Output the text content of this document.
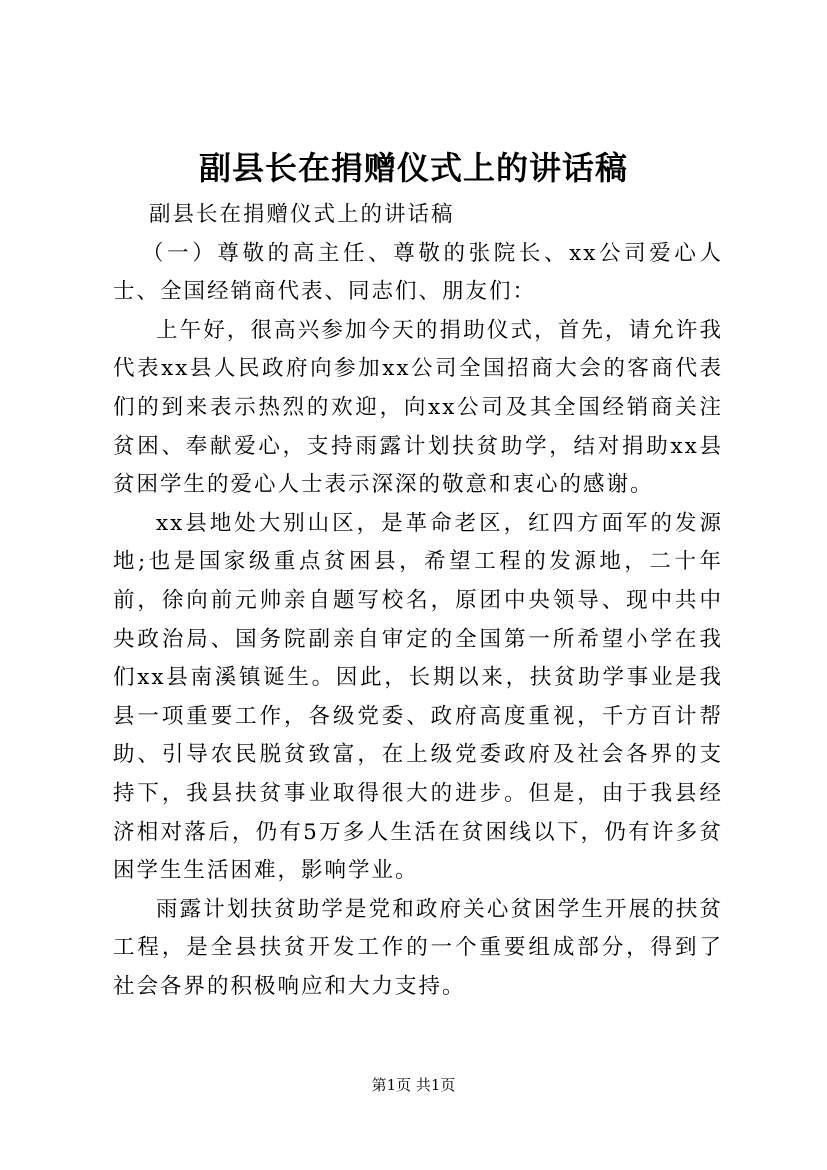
副县长在捐赠仪式上的讲话稿

副县长在捐赠仪式上的讲话稿

（一）尊敬的高主任、尊敬的张院长、xx公司爱心人士、全国经销商代表、同志们、朋友们：

上午好，很高兴参加今天的捐助仪式，首先，请允许我代表xx县人民政府向参加xx公司全国招商大会的客商代表们的到来表示热烈的欢迎，向xx公司及其全国经销商关注贫困、奉献爱心，支持雨露计划扶贫助学，结对捐助xx县贫困学生的爱心人士表示深深的敬意和衷心的感谢。

xx县地处大别山区，是革命老区，红四方面军的发源地;也是国家级重点贫困县，希望工程的发源地，二十年前，徐向前元帅亲自题写校名，原团中央领导、现中共中央政治局、国务院副亲自审定的全国第一所希望小学在我们xx县南溪镇诞生。因此，长期以来，扶贫助学事业是我县一项重要工作，各级党委、政府高度重视，千方百计帮助、引导农民脱贫致富，在上级党委政府及社会各界的支持下，我县扶贫事业取得很大的进步。但是，由于我县经济相对落后，仍有5万多人生活在贫困线以下，仍有许多贫困学生生活困难，影响学业。

雨露计划扶贫助学是党和政府关心贫困学生开展的扶贫工程，是全县扶贫开发工作的一个重要组成部分，得到了社会各界的积极响应和大力支持。

第1页 共1页
